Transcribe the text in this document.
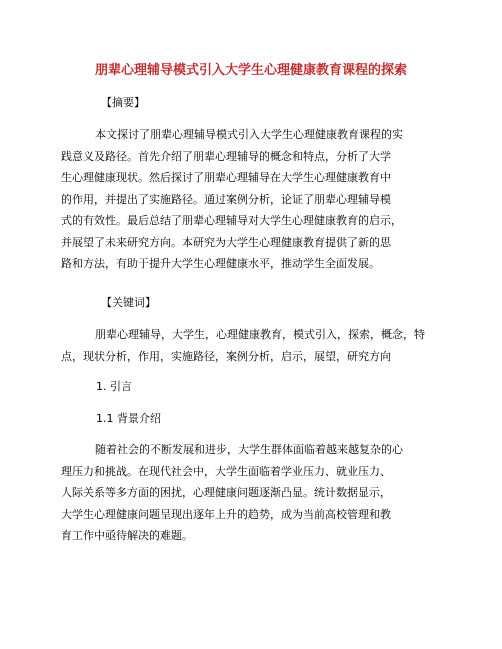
朋辈心理辅导模式引入大学生心理健康教育课程的探索

【摘要】

本文探讨了朋辈心理辅导模式引入大学生心理健康教育课程的实
践意义及路径。首先介绍了朋辈心理辅导的概念和特点，分析了大学
生心理健康现状。然后探讨了朋辈心理辅导在大学生心理健康教育中
的作用，并提出了实施路径。通过案例分析，论证了朋辈心理辅导模
式的有效性。最后总结了朋辈心理辅导对大学生心理健康教育的启示，
并展望了未来研究方向。本研究为大学生心理健康教育提供了新的思
路和方法，有助于提升大学生心理健康水平，推动学生全面发展。

【关键词】

朋辈心理辅导，大学生，心理健康教育，模式引入，探索，概念，特
点，现状分析，作用，实施路径，案例分析，启示，展望，研究方向

1. 引言

1.1 背景介绍

随着社会的不断发展和进步，大学生群体面临着越来越复杂的心
理压力和挑战。在现代社会中，大学生面临着学业压力、就业压力、
人际关系等多方面的困扰，心理健康问题逐渐凸显。统计数据显示，
大学生心理健康问题呈现出逐年上升的趋势，成为当前高校管理和教
育工作中亟待解决的难题。
